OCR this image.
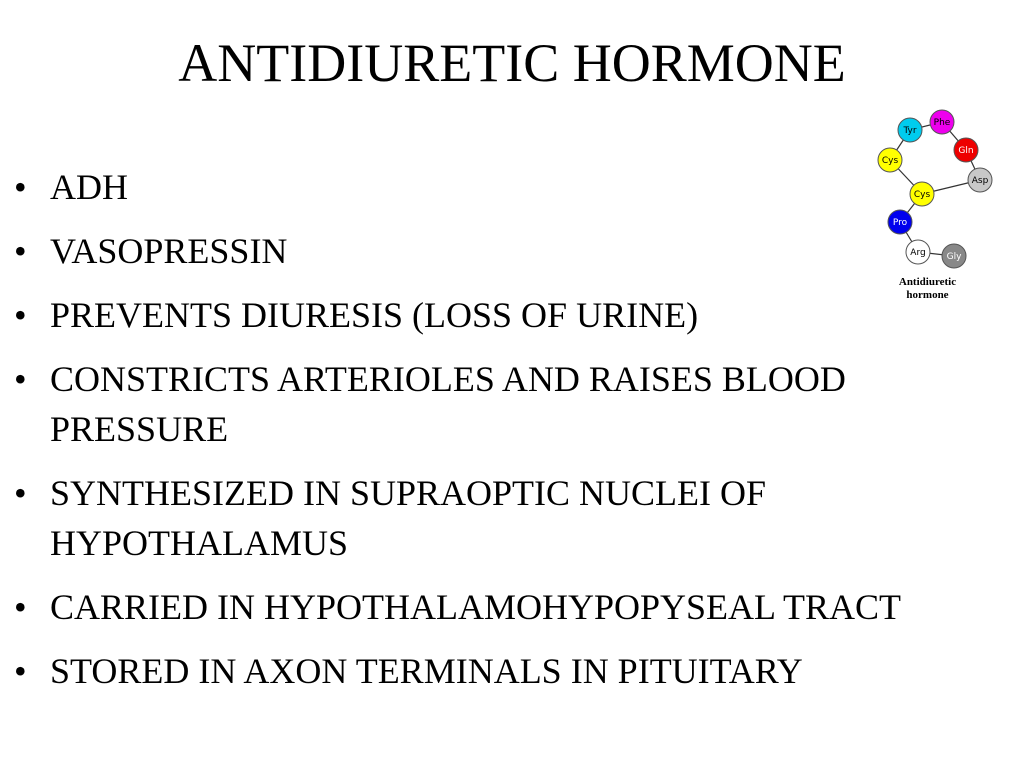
ANTIDIURETIC HORMONE
• ADH
• VASOPRESSIN
• PREVENTS DIURESIS (LOSS OF URINE)
• CONSTRICTS ARTERIOLES AND RAISES BLOOD PRESSURE
• SYNTHESIZED IN SUPRAOPTIC NUCLEI OF HYPOTHALAMUS
• CARRIED IN HYPOTHALAMOHYPOPYSEAL TRACT
• STORED IN AXON TERMINALS IN PITUITARY
Tyr
Phe
Gln
Cys
Asp
Cys
Pro
Arg Gly
Antidiuretic
hormone
